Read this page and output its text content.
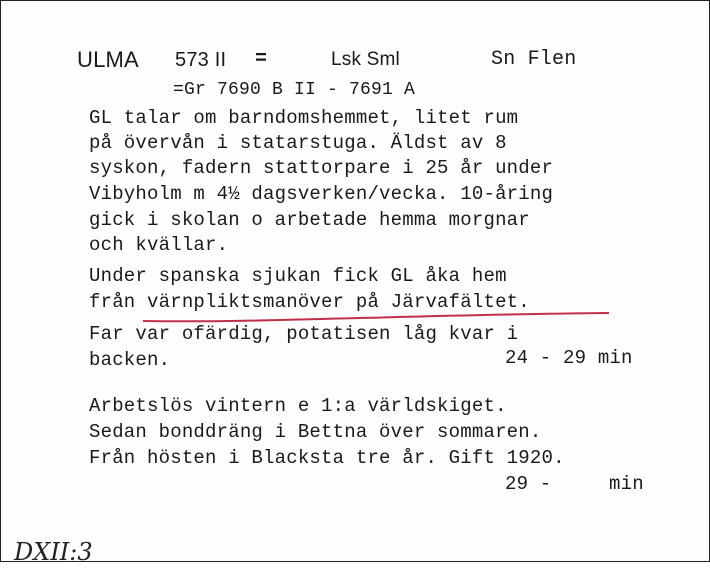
ULMA 573 II =	Lsk Sml	Sn Flen
=Gr 7690 B II - 7691 A
GL talar om barndomshemmet, litet rum
på övervån i statarstuga. Äldst av 8
syskon, fadern stattorpare i 25 år under
Vibyholm m 4½ dagsverken/vecka. 10-åring
gick i skolan o arbetade hemma morgnar
och kvällar.
Under spanska sjukan fick GL åka hem
från värnpliktsmanöver på Järvafältet.
Far var ofärdig, potatisen låg kvar i
backen.	24 - 29 min
Arbetslös vintern e 1:a världskiget.
Sedan bonddräng i Bettna över sommaren.
Från hösten i Blacksta tre år. Gift 1920.
29 -	min
DXII:3
